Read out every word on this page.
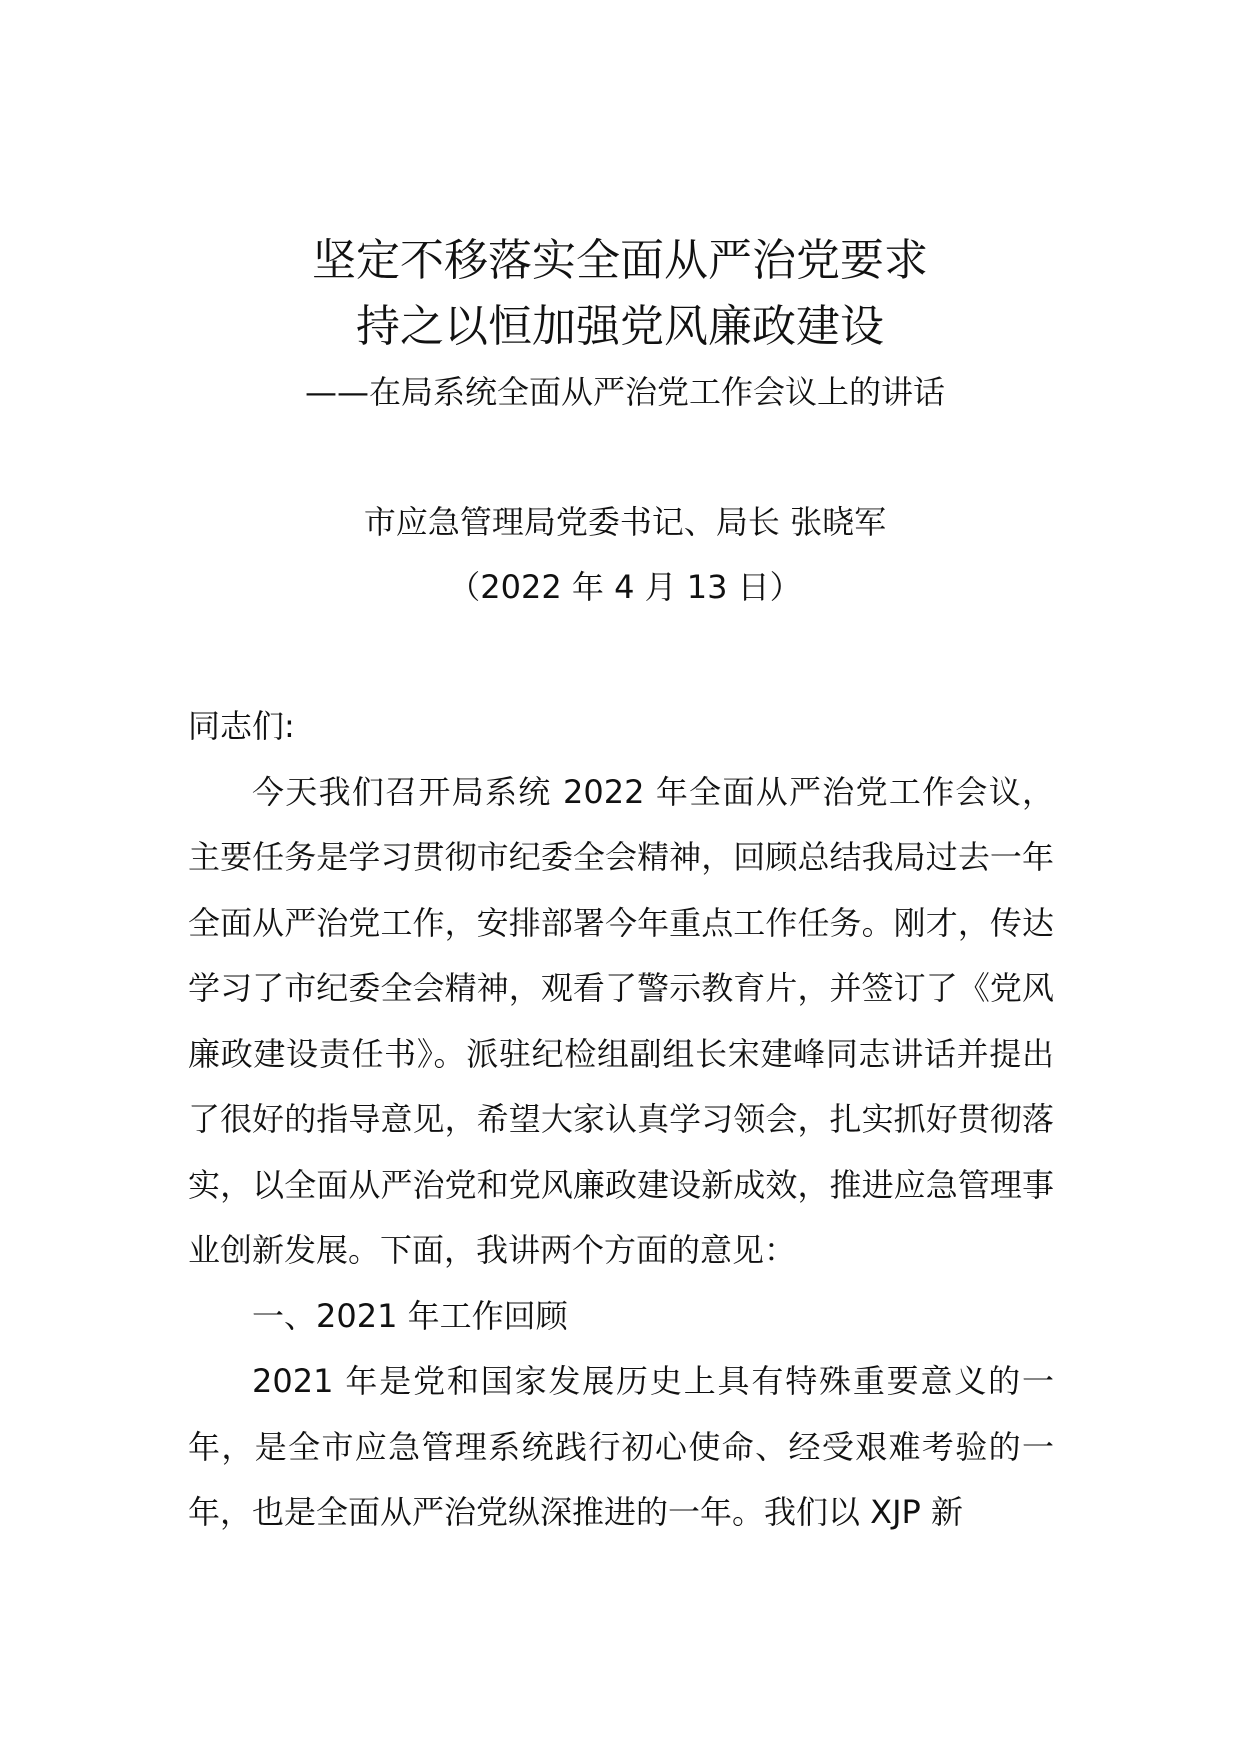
坚定不移落实全面从严治党要求
持之以恒加强党风廉政建设
——在局系统全面从严治党工作会议上的讲话
市应急管理局党委书记、局长 张晓军
（2022 年 4 月 13 日）

同志们:

今天我们召开局系统 2022 年全面从严治党工作会议，主要任务是学习贯彻市纪委全会精神，回顾总结我局过去一年全面从严治党工作，安排部署今年重点工作任务。刚才，传达学习了市纪委全会精神，观看了警示教育片，并签订了《党风廉政建设责任书》。派驻纪检组副组长宋建峰同志讲话并提出了很好的指导意见，希望大家认真学习领会，扎实抓好贯彻落实，以全面从严治党和党风廉政建设新成效，推进应急管理事业创新发展。下面，我讲两个方面的意见：

一、2021 年工作回顾

2021 年是党和国家发展历史上具有特殊重要意义的一年，是全市应急管理系统践行初心使命、经受艰难考验的一年，也是全面从严治党纵深推进的一年。我们以 XJP 新
